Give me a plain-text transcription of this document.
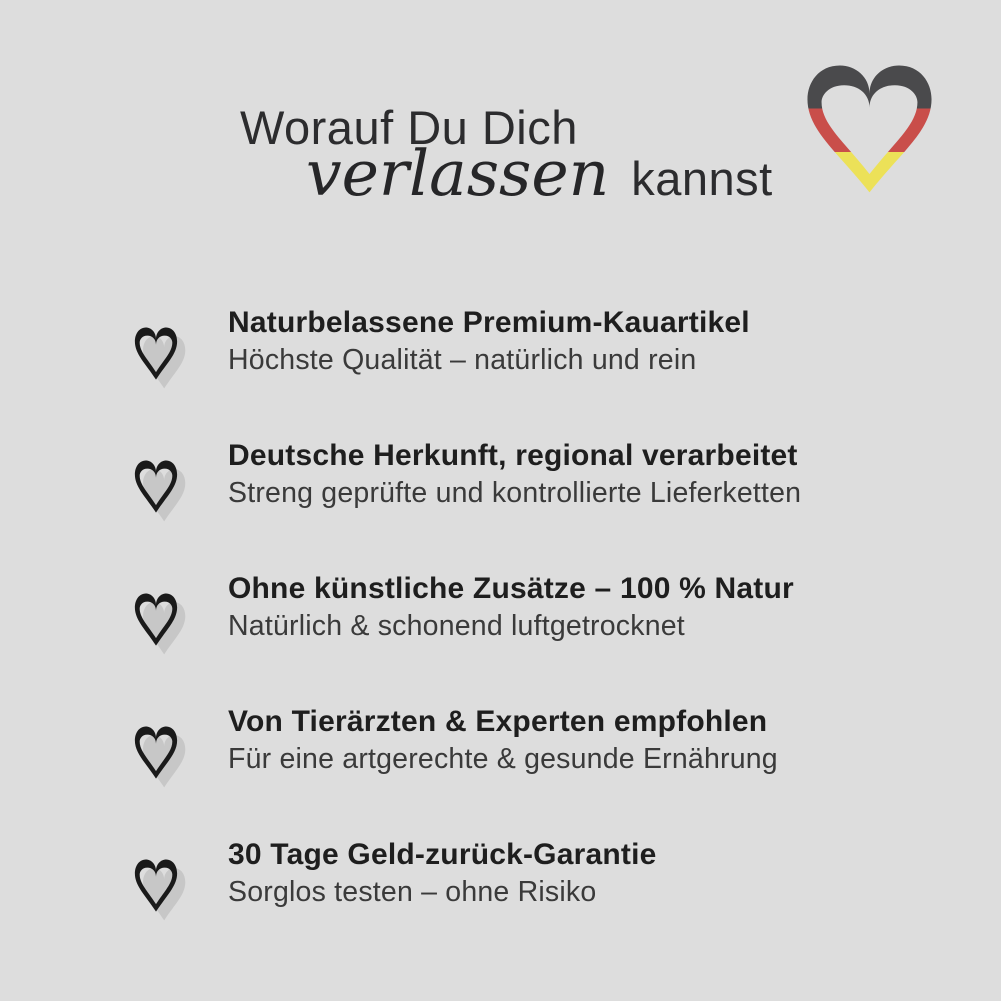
Worauf Du Dich
verlassen kannst
Naturbelassene Premium-Kauartikel

Höchste Qualität – natürlich und rein

Deutsche Herkunft, regional verarbeitet

Streng geprüfte und kontrollierte Lieferketten

Ohne künstliche Zusätze – 100 % Natur

Natürlich & schonend luftgetrocknet

Von Tierärzten & Experten empfohlen

Für eine artgerechte & gesunde Ernährung

30 Tage Geld-zurück-Garantie

Sorglos testen – ohne Risiko
